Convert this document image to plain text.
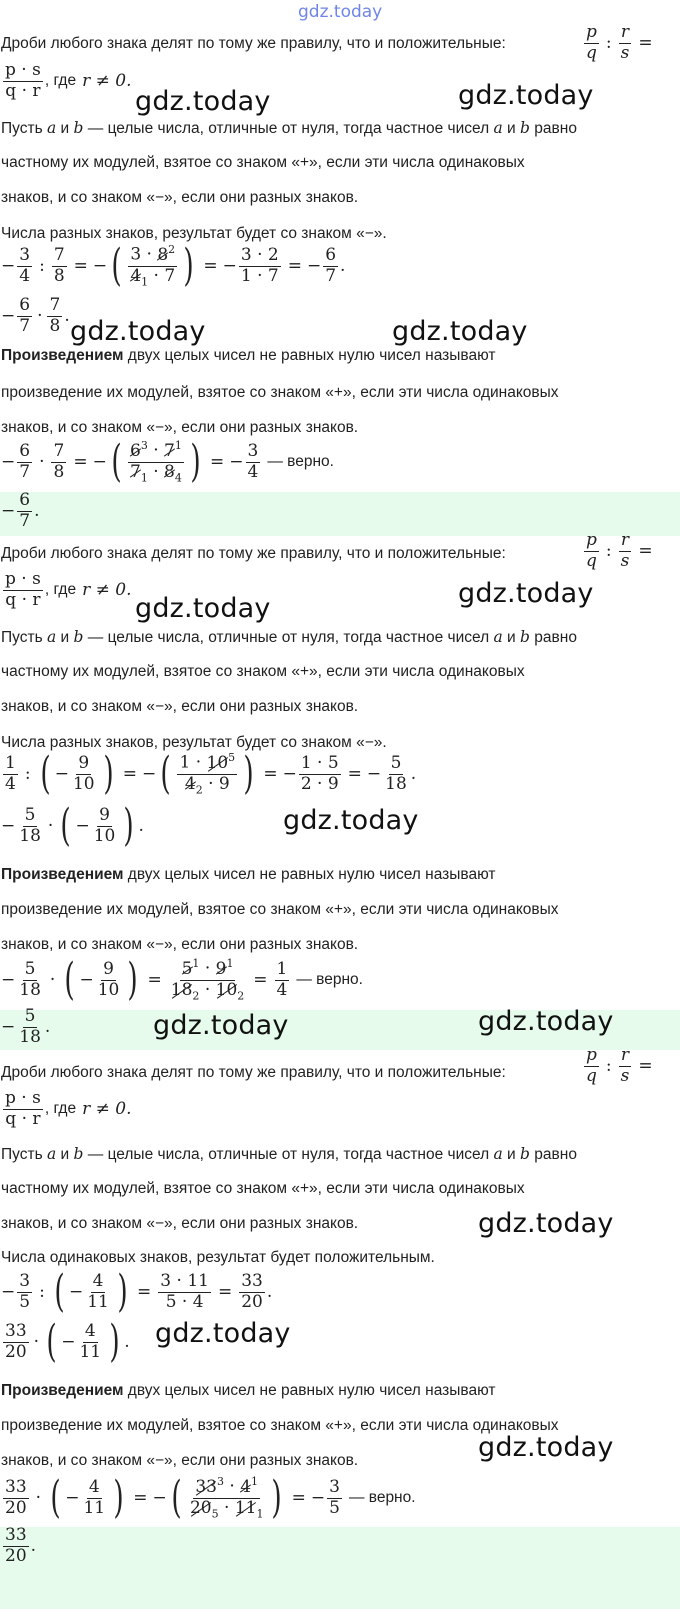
gdz.today
Дроби любого знака делят по тому же правилу, что и положительные:	$\frac{p}{q}$ : $\frac{r}{s}$ =
$\frac{p \cdot s}{q \cdot r}$ , где r ≠ 0.
gdz.today	gdz.today
Пусть a и b — целые числа, отличные от нуля, тогда частное чисел a и b равно
частному их модулей, взятое со знаком «+», если эти числа одинаковых
знаков, и со знаком «−», если они разных знаков.
Числа разных знаков, результат будет со знаком «−».
− $\frac{3}{4}$ : $\frac{7}{8}$ = − ( $\frac{3 \cdot 8^2}{4_1 \cdot 7}$ ) = − $\frac{3 \cdot 2}{1 \cdot 7}$ = − $\frac{6}{7}$ .
− $\frac{6}{7} \cdot \frac{7}{8}$ . gdz.today	gdz.today
Произведением двух целых чисел не равных нулю чисел называют
произведение их модулей, взятое со знаком «+», если эти числа одинаковых
знаков, и со знаком «−», если они разных знаков.
− $\frac{6}{7} \cdot \frac{7}{8}$ = − ( $\frac{6^3 \cdot 7^1}{7_1 \cdot 8_4}$ ) = − $\frac{3}{4}$ — верно.
− $\frac{6}{7}$ .
Дроби любого знака делят по тому же правилу, что и положительные:	$\frac{p}{q}$ : $\frac{r}{s}$ =
$\frac{p \cdot s}{q \cdot r}$ , где r ≠ 0.
gdz.today	gdz.today
Пусть a и b — целые числа, отличные от нуля, тогда частное чисел a и b равно
частному их модулей, взятое со знаком «+», если эти числа одинаковых
знаков, и со знаком «−», если они разных знаков.
Числа разных знаков, результат будет со знаком «−».
$\frac{1}{4}$ : ( − $\frac{9}{10}$ ) = − ( $\frac{1 \cdot 10^5}{4_2 \cdot 9}$ ) = − $\frac{1 \cdot 5}{2 \cdot 9}$ = − $\frac{5}{18}$ .
− $\frac{5}{18}$ · ( − $\frac{9}{10}$ ) .	gdz.today
Произведением двух целых чисел не равных нулю чисел называют
произведение их модулей, взятое со знаком «+», если эти числа одинаковых
знаков, и со знаком «−», если они разных знаков.
− $\frac{5}{18}$ · ( − $\frac{9}{10}$ ) = $\frac{5^1 \cdot 9^1}{18_2 \cdot 10_2} = \frac{1}{4}$ — верно.
− $\frac{5}{18}$ .	gdz.today	gdz.today
Дроби любого знака делят по тому же правилу, что и положительные:	$\frac{p}{q}$ : $\frac{r}{s}$ =
$\frac{p \cdot s}{q \cdot r}$ , где r ≠ 0.
Пусть a и b — целые числа, отличные от нуля, тогда частное чисел a и b равно
частному их модулей, взятое со знаком «+», если эти числа одинаковых
знаков, и со знаком «−», если они разных знаков.	gdz.today
Числа одинаковых знаков, результат будет положительным.
− $\frac{3}{5}$ : ( − $\frac{4}{11}$ ) = $\frac{3 \cdot 11}{5 \cdot 4} = \frac{33}{20}$ .
$\frac{33}{20}$ · ( − $\frac{4}{11}$ ) . gdz.today
Произведением двух целых чисел не равных нулю чисел называют
произведение их модулей, взятое со знаком «+», если эти числа одинаковых
знаков, и со знаком «−», если они разных знаков.	gdz.today
$\frac{33}{20}$ · ( − $\frac{4}{11}$ ) = − ( $\frac{33^3 \cdot 4^1}{20_5 \cdot 11_1}$ ) = − $\frac{3}{5}$ — верно.
$\frac{33}{20}$ .
